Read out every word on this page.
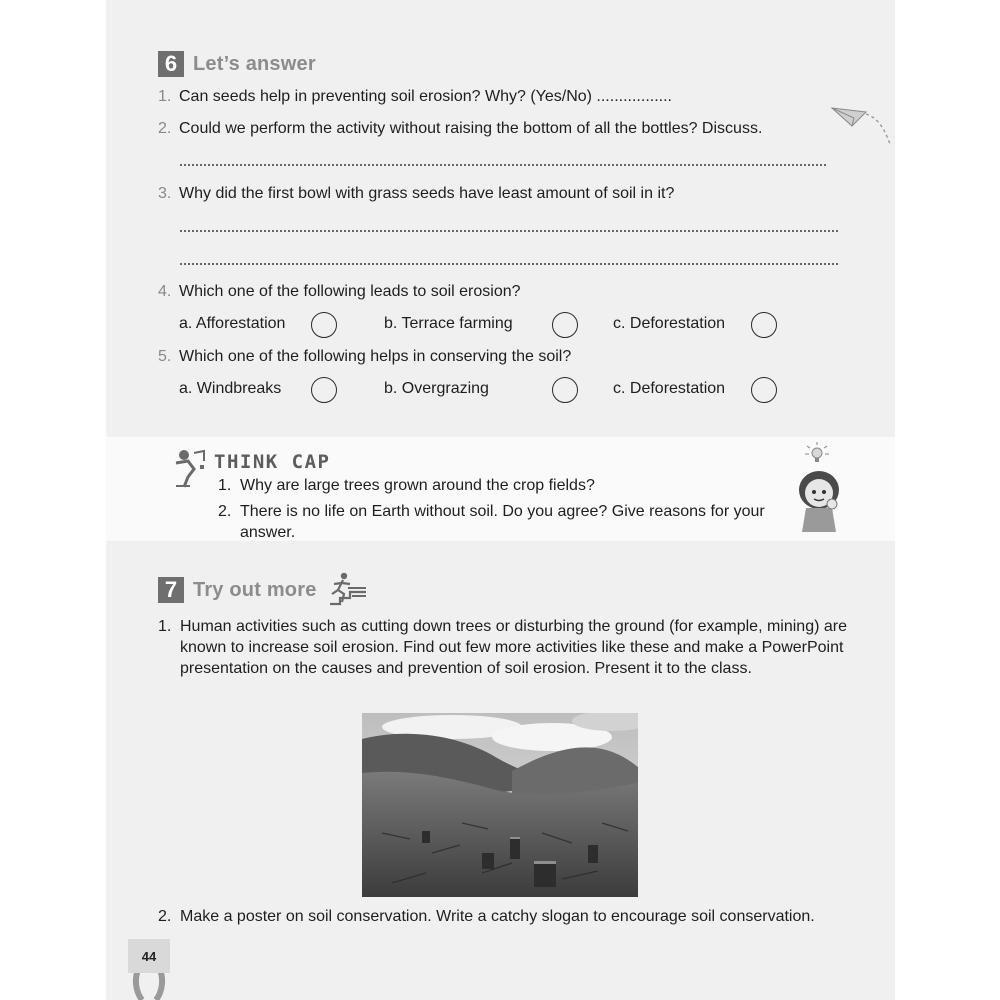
6 Let’s answer
1. Can seeds help in preventing soil erosion? Why? (Yes/No) .................
2. Could we perform the activity without raising the bottom of all the bottles? Discuss.
3. Why did the first bowl with grass seeds have least amount of soil in it?
4. Which one of the following leads to soil erosion?
a. Afforestation	b. Terrace farming	c. Deforestation
5. Which one of the following helps in conserving the soil?
a. Windbreaks	b. Overgrazing	c. Deforestation
THINK CAP
1. Why are large trees grown around the crop fields?
2. There is no life on Earth without soil. Do you agree? Give reasons for your answer.
7 Try out more
1. Human activities such as cutting down trees or disturbing the ground (for example, mining) are known to increase soil erosion. Find out few more activities like these and make a PowerPoint presentation on the causes and prevention of soil erosion. Present it to the class.
2. Make a poster on soil conservation. Write a catchy slogan to encourage soil conservation.
44
